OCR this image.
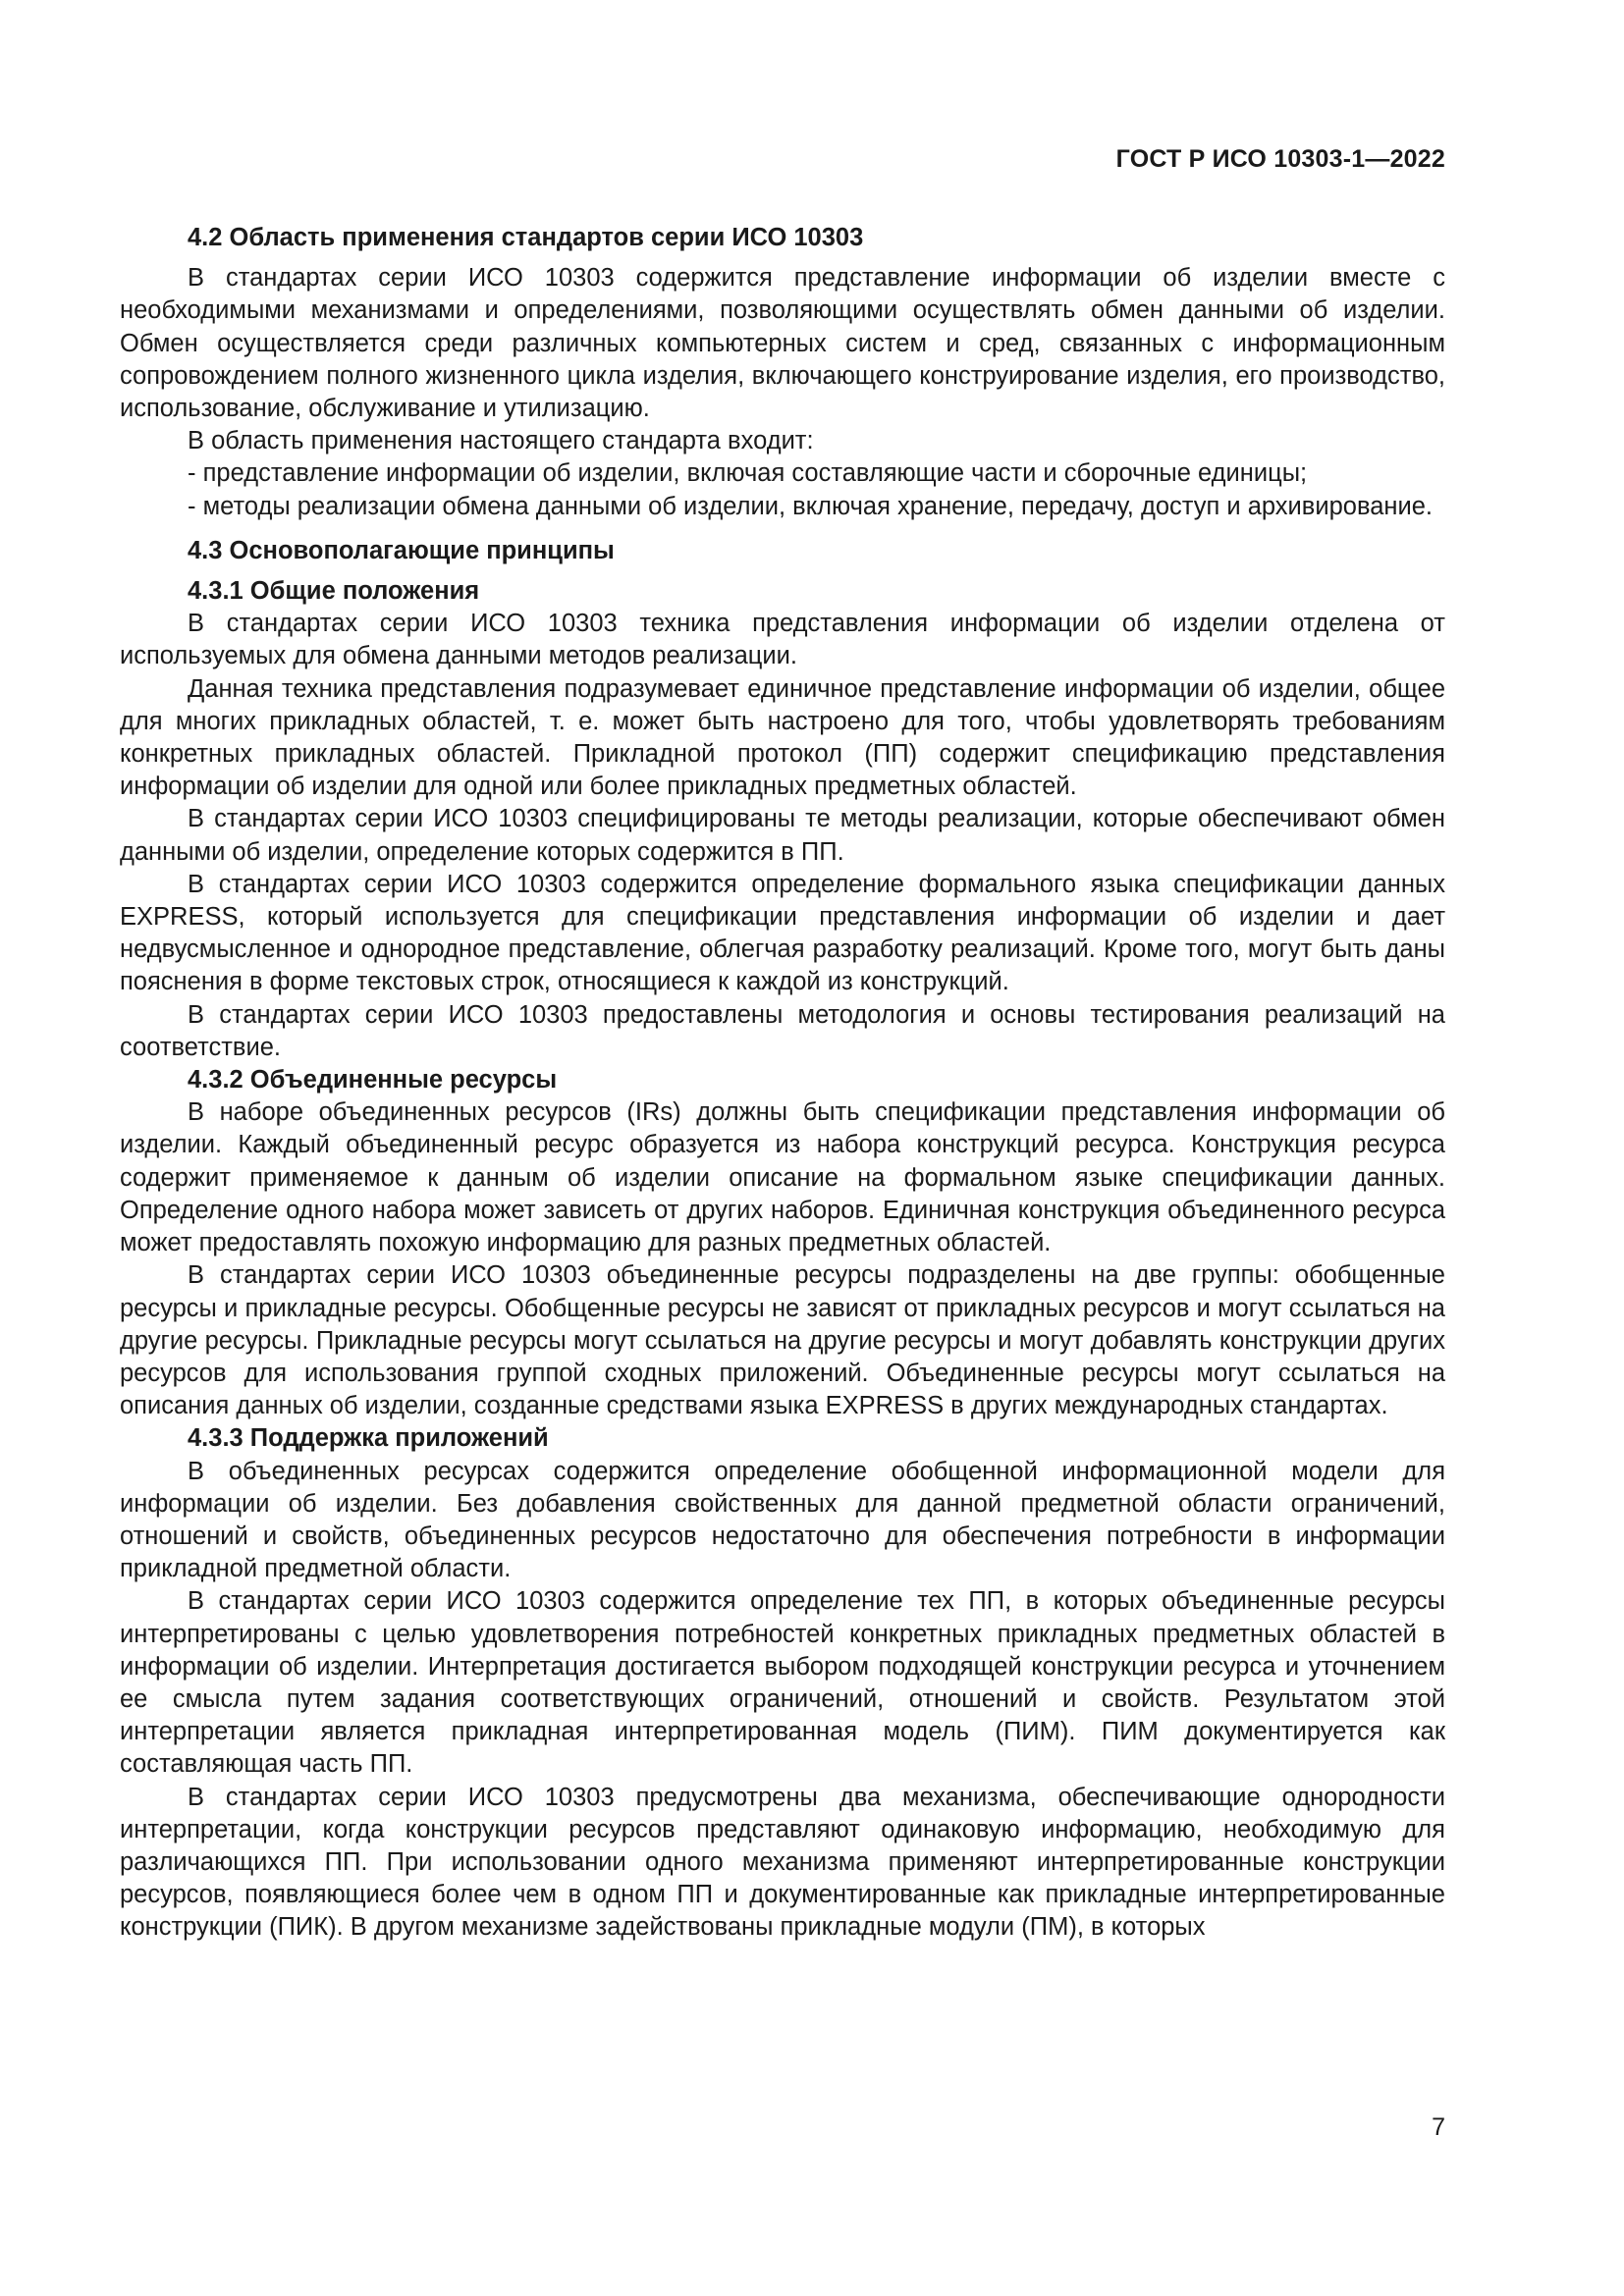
ГОСТ Р ИСО 10303-1—2022
4.2 Область применения стандартов серии ИСО 10303

В стандартах серии ИСО 10303 содержится представление информации об изделии вместе с необходимыми механизмами и определениями, позволяющими осуществлять обмен данными об изделии. Обмен осуществляется среди различных компьютерных систем и сред, связанных с информационным сопровождением полного жизненного цикла изделия, включающего конструирование изделия, его производство, использование, обслуживание и утилизацию.

В область применения настоящего стандарта входит:

- представление информации об изделии, включая составляющие части и сборочные единицы;

- методы реализации обмена данными об изделии, включая хранение, передачу, доступ и архивирование.

4.3 Основополагающие принципы
4.3.1 Общие положения

В стандартах серии ИСО 10303 техника представления информации об изделии отделена от используемых для обмена данными методов реализации.

Данная техника представления подразумевает единичное представление информации об изделии, общее для многих прикладных областей, т. е. может быть настроено для того, чтобы удовлетворять требованиям конкретных прикладных областей. Прикладной протокол (ПП) содержит спецификацию представления информации об изделии для одной или более прикладных предметных областей.

В стандартах серии ИСО 10303 специфицированы те методы реализации, которые обеспечивают обмен данными об изделии, определение которых содержится в ПП.

В стандартах серии ИСО 10303 содержится определение формального языка спецификации данных EXPRESS, который используется для спецификации представления информации об изделии и дает недвусмысленное и однородное представление, облегчая разработку реализаций. Кроме того, могут быть даны пояснения в форме текстовых строк, относящиеся к каждой из конструкций.

В стандартах серии ИСО 10303 предоставлены методология и основы тестирования реализаций на соответствие.

4.3.2 Объединенные ресурсы

В наборе объединенных ресурсов (IRs) должны быть спецификации представления информации об изделии. Каждый объединенный ресурс образуется из набора конструкций ресурса. Конструкция ресурса содержит применяемое к данным об изделии описание на формальном языке спецификации данных. Определение одного набора может зависеть от других наборов. Единичная конструкция объединенного ресурса может предоставлять похожую информацию для разных предметных областей.

В стандартах серии ИСО 10303 объединенные ресурсы подразделены на две группы: обобщенные ресурсы и прикладные ресурсы. Обобщенные ресурсы не зависят от прикладных ресурсов и могут ссылаться на другие ресурсы. Прикладные ресурсы могут ссылаться на другие ресурсы и могут добавлять конструкции других ресурсов для использования группой сходных приложений. Объединенные ресурсы могут ссылаться на описания данных об изделии, созданные средствами языка EXPRESS в других международных стандартах.

4.3.3 Поддержка приложений

В объединенных ресурсах содержится определение обобщенной информационной модели для информации об изделии. Без добавления свойственных для данной предметной области ограничений, отношений и свойств, объединенных ресурсов недостаточно для обеспечения потребности в информации прикладной предметной области.

В стандартах серии ИСО 10303 содержится определение тех ПП, в которых объединенные ресурсы интерпретированы с целью удовлетворения потребностей конкретных прикладных предметных областей в информации об изделии. Интерпретация достигается выбором подходящей конструкции ресурса и уточнением ее смысла путем задания соответствующих ограничений, отношений и свойств. Результатом этой интерпретации является прикладная интерпретированная модель (ПИМ). ПИМ документируется как составляющая часть ПП.

В стандартах серии ИСО 10303 предусмотрены два механизма, обеспечивающие однородности интерпретации, когда конструкции ресурсов представляют одинаковую информацию, необходимую для различающихся ПП. При использовании одного механизма применяют интерпретированные конструкции ресурсов, появляющиеся более чем в одном ПП и документированные как прикладные интерпретированные конструкции (ПИК). В другом механизме задействованы прикладные модули (ПМ), в которых

7
